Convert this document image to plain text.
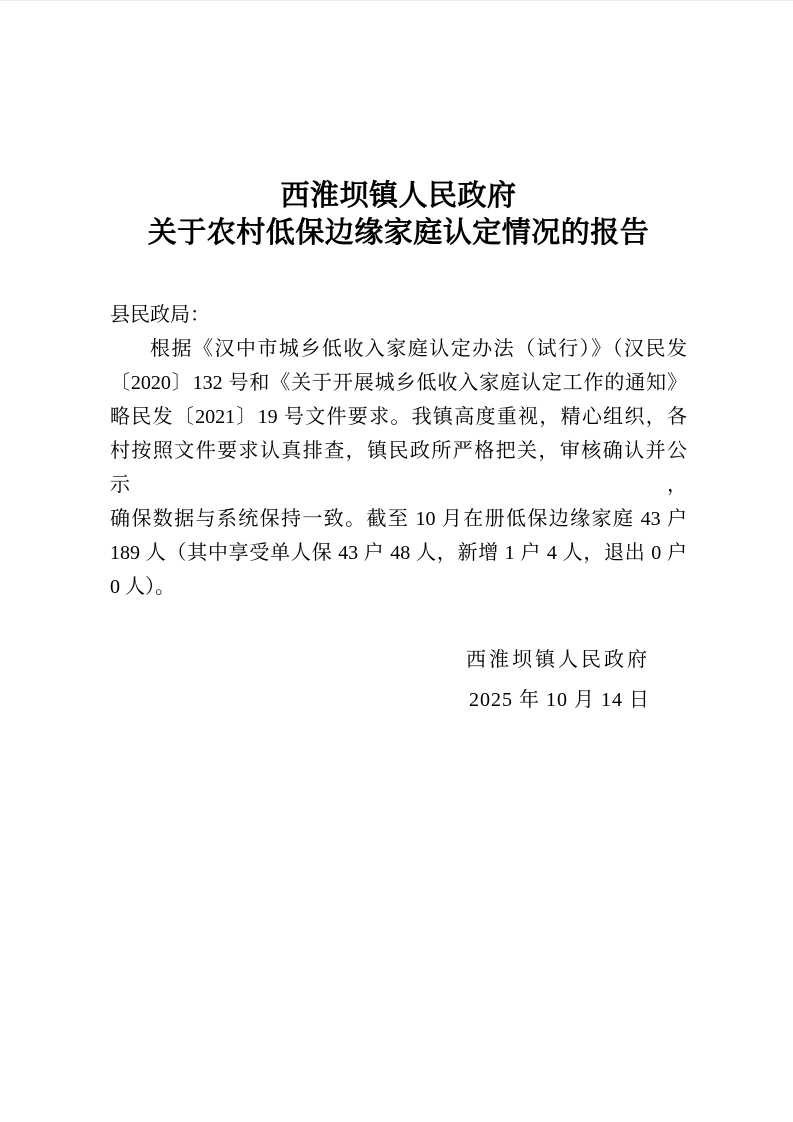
西淮坝镇人民政府
关于农村低保边缘家庭认定情况的报告
县民政局：
根据《汉中市城乡低收入家庭认定办法（试行）》（汉民发
〔2020〕132 号和《关于开展城乡低收入家庭认定工作的通知》
略民发〔2021〕19 号文件要求。我镇高度重视，精心组织，各
村按照文件要求认真排查，镇民政所严格把关，审核确认并公示，
确保数据与系统保持一致。截至 10 月在册低保边缘家庭 43 户
189 人（其中享受单人保 43 户 48 人，新增 1 户 4 人，退出 0 户
0 人）。
西淮坝镇人民政府
2025 年 10 月 14 日
